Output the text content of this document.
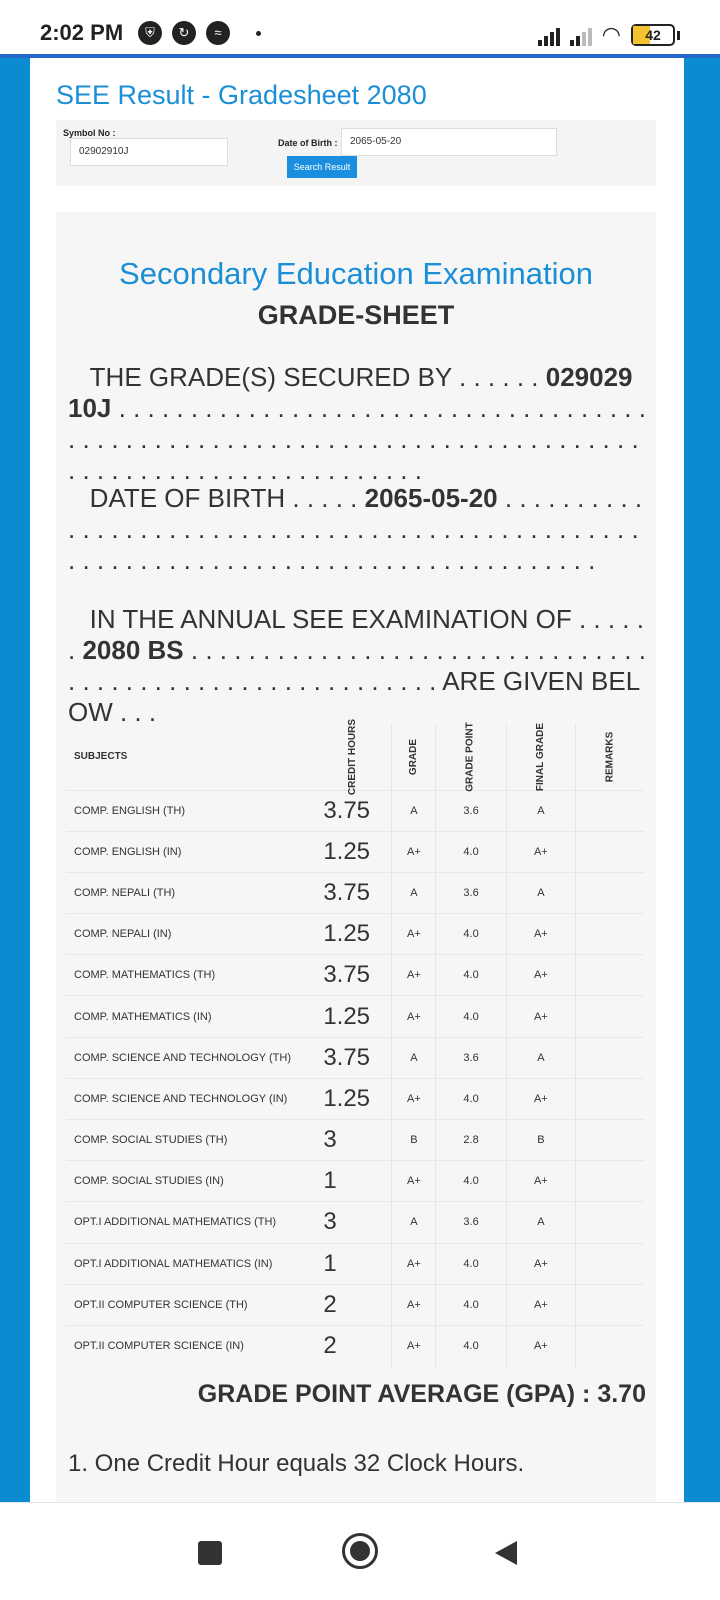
2:02 PM	⛨	↻	≈	◠	42
SEE Result - Gradesheet 2080
Symbol No :
02902910J
Date of Birth :	2065-05-20
Search Result
Secondary Education Examination
GRADE-SHEET
THE GRADE(S) SECURED BY . . . . . . 02902910J . . . . . . . . . . . . . . . . . . . . . . . . . . . . . . . . . . . . . . . . . . . . . . . . . . . . . . . . . . . . . . . . . . . . . . . . . . . . . . . . . . . . . . . . . . . . . . . . . . . . . .
DATE OF BIRTH . . . . . 2065-05-20 . . . . . . . . . . . . . . . . . . . . . . . . . . . . . . . . . . . . . . . . . . . . . . . . . . . . . . . . . . . . . . . . . . . . . . . . . . . . . . . . . . . . . . .
IN THE ANNUAL SEE EXAMINATION OF . . . . . . 2080 BS . . . . . . . . . . . . . . . . . . . . . . . . . . . . . . . . . . . . . . . . . . . . . . . . . . . . . . . . . . ARE GIVEN BELOW . . .
SUBJECTS	CREDIT HOURS	GRADE	GRADE POINT	FINAL GRADE	REMARKS
COMP. ENGLISH (TH)	3.75	A	3.6	A	
COMP. ENGLISH (IN)	1.25	A+	4.0	A+	
COMP. NEPALI (TH)	3.75	A	3.6	A	
COMP. NEPALI (IN)	1.25	A+	4.0	A+	
COMP. MATHEMATICS (TH)	3.75	A+	4.0	A+	
COMP. MATHEMATICS (IN)	1.25	A+	4.0	A+	
COMP. SCIENCE AND TECHNOLOGY (TH)	3.75	A	3.6	A	
COMP. SCIENCE AND TECHNOLOGY (IN)	1.25	A+	4.0	A+	
COMP. SOCIAL STUDIES (TH)	3	B	2.8	B	
COMP. SOCIAL STUDIES (IN)	1	A+	4.0	A+	
OPT.I ADDITIONAL MATHEMATICS (TH)	3	A	3.6	A	
OPT.I ADDITIONAL MATHEMATICS (IN)	1	A+	4.0	A+	
OPT.II COMPUTER SCIENCE (TH)	2	A+	4.0	A+	
OPT.II COMPUTER SCIENCE (IN)	2	A+	4.0	A+	
GRADE POINT AVERAGE (GPA) : 3.70
1. One Credit Hour equals 32 Clock Hours.
